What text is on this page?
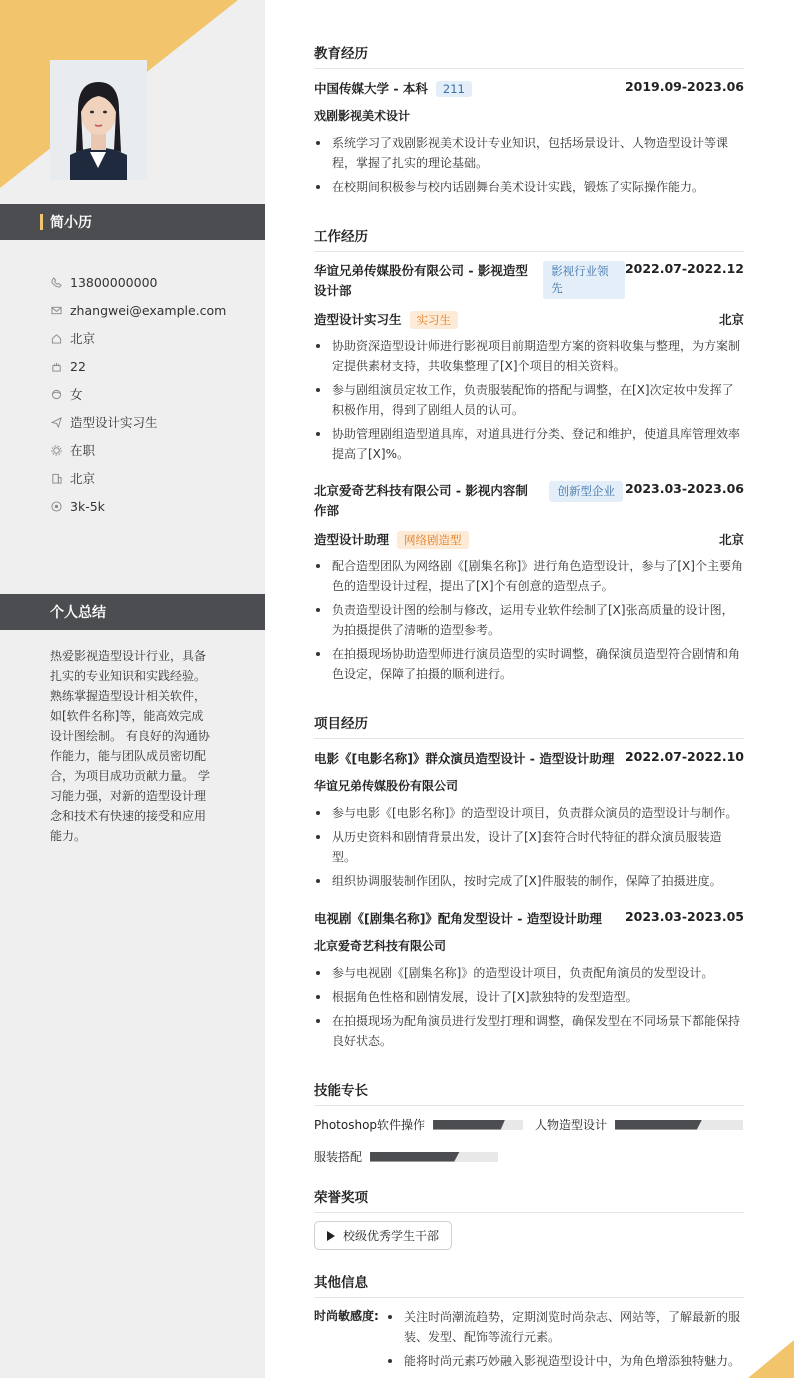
简小历
13800000000
zhangwei@example.com
北京
22
女
造型设计实习生
在职
北京
3k-5k
个人总结
热爱影视造型设计行业，具备扎实的专业知识和实践经验。熟练掌握造型设计相关软件，如[软件名称]等，能高效完成设计图绘制。 有良好的沟通协作能力，能与团队成员密切配合，为项目成功贡献力量。 学习能力强，对新的造型设计理念和技术有快速的接受和应用能力。
教育经历
中国传媒大学 - 本科 211	2019.09-2023.06
戏剧影视美术设计
系统学习了戏剧影视美术设计专业知识，包括场景设计、人物造型设计等课程，掌握了扎实的理论基础。
在校期间积极参与校内话剧舞台美术设计实践，锻炼了实际操作能力。
工作经历
华谊兄弟传媒股份有限公司 - 影视造型设计部
影视行业领先
2022.07-2022.12
造型设计实习生 实习生	北京
协助资深造型设计师进行影视项目前期造型方案的资料收集与整理，为方案制定提供素材支持，共收集整理了[X]个项目的相关资料。
参与剧组演员定妆工作，负责服装配饰的搭配与调整，在[X]次定妆中发挥了积极作用，得到了剧组人员的认可。
协助管理剧组造型道具库，对道具进行分类、登记和维护，使道具库管理效率提高了[X]%。
北京爱奇艺科技有限公司 - 影视内容制作部
创新型企业 2023.03-2023.06
造型设计助理 网络剧造型	北京
配合造型团队为网络剧《[剧集名称]》进行角色造型设计，参与了[X]个主要角色的造型设计过程，提出了[X]个有创意的造型点子。
负责造型设计图的绘制与修改，运用专业软件绘制了[X]张高质量的设计图，为拍摄提供了清晰的造型参考。
在拍摄现场协助造型师进行演员造型的实时调整，确保演员造型符合剧情和角色设定，保障了拍摄的顺利进行。
项目经历
电影《[电影名称]》群众演员造型设计 - 造型设计助理 2022.07-2022.10
华谊兄弟传媒股份有限公司
参与电影《[电影名称]》的造型设计项目，负责群众演员的造型设计与制作。
从历史资料和剧情背景出发，设计了[X]套符合时代特征的群众演员服装造型。
组织协调服装制作团队，按时完成了[X]件服装的制作，保障了拍摄进度。
电视剧《[剧集名称]》配角发型设计 - 造型设计助理 2023.03-2023.05
北京爱奇艺科技有限公司
参与电视剧《[剧集名称]》的造型设计项目，负责配角演员的发型设计。
根据角色性格和剧情发展，设计了[X]款独特的发型造型。
在拍摄现场为配角演员进行发型打理和调整，确保发型在不同场景下都能保持良好状态。
技能专长
Photoshop软件操作	人物造型设计
服装搭配
荣誉奖项
校级优秀学生干部
其他信息
时尚敏感度:	关注时尚潮流趋势，定期浏览时尚杂志、网站等，了解最新的服装、发型、配饰等流行元素。
能将时尚元素巧妙融入影视造型设计中，为角色增添独特魅力。
